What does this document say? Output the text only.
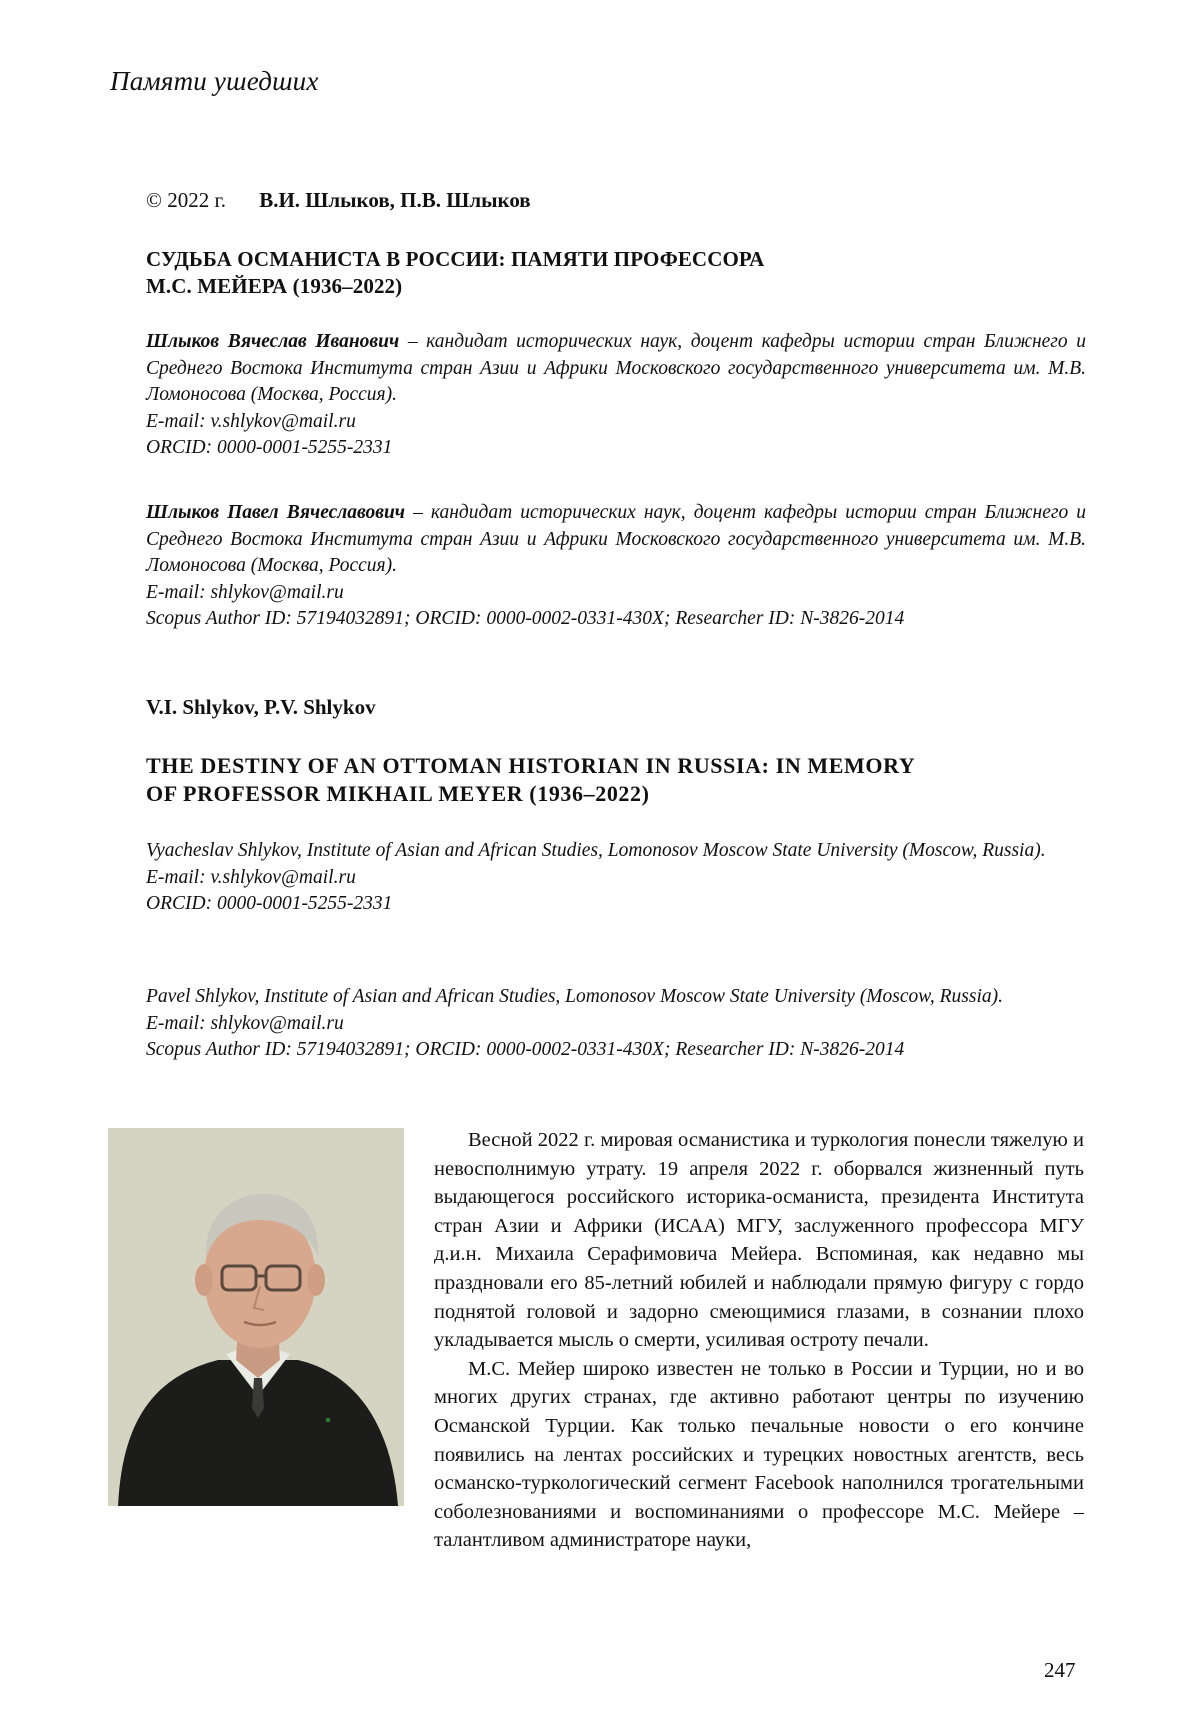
Памяти ушедших
© 2022 г. В.И. Шлыков, П.В. Шлыков
СУДЬБА ОСМАНИСТА В РОССИИ: ПАМЯТИ ПРОФЕССОРА
М.С. МЕЙЕРА (1936–2022)

Шлыков Вячеслав Иванович – кандидат исторических наук, доцент кафедры истории стран Ближнего и Среднего Востока Института стран Азии и Африки Московского государственного университета им. М.В. Ломоносова (Москва, Россия).

E-mail: v.shlykov@mail.ru

ORCID: 0000-0001-5255-2331

Шлыков Павел Вячеславович – кандидат исторических наук, доцент кафедры истории стран Ближнего и Среднего Востока Института стран Азии и Африки Московского государственного университета им. М.В. Ломоносова (Москва, Россия).

E-mail: shlykov@mail.ru

Scopus Author ID: 57194032891; ORCID: 0000-0002-0331-430X; Researcher ID: N-3826-2014

V.I. Shlykov, P.V. Shlykov
THE DESTINY OF AN OTTOMAN HISTORIAN IN RUSSIA: IN MEMORY
OF PROFESSOR MIKHAIL MEYER (1936–2022)

Vyacheslav Shlykov, Institute of Asian and African Studies, Lomonosov Moscow State University (Moscow, Russia).

E-mail: v.shlykov@mail.ru

ORCID: 0000-0001-5255-2331

Pavel Shlykov, Institute of Asian and African Studies, Lomonosov Moscow State University (Moscow, Russia).

E-mail: shlykov@mail.ru

Scopus Author ID: 57194032891; ORCID: 0000-0002-0331-430X; Researcher ID: N-3826-2014

Весной 2022 г. мировая османистика и туркология понесли тяжелую и невосполнимую утрату. 19 апреля 2022 г. оборвался жизненный путь выдающегося российского историка-османиста, президента Института стран Азии и Африки (ИСАА) МГУ, заслуженного профессора МГУ д.и.н. Михаила Серафимовича Мейера. Вспоминая, как недавно мы праздновали его 85-летний юбилей и наблюдали прямую фигуру с гордо поднятой головой и задорно смеющимися глазами, в сознании плохо укладывается мысль о смерти, усиливая остроту печали.

М.С. Мейер широко известен не только в России и Турции, но и во многих других странах, где активно работают центры по изучению Османской Турции. Как только печальные новости о его кончине появились на лентах российских и турецких новостных агентств, весь османско-туркологический сегмент Facebook наполнился трогательными соболезнованиями и воспоминаниями о профессоре М.С. Мейере – талантливом администраторе науки,

247
